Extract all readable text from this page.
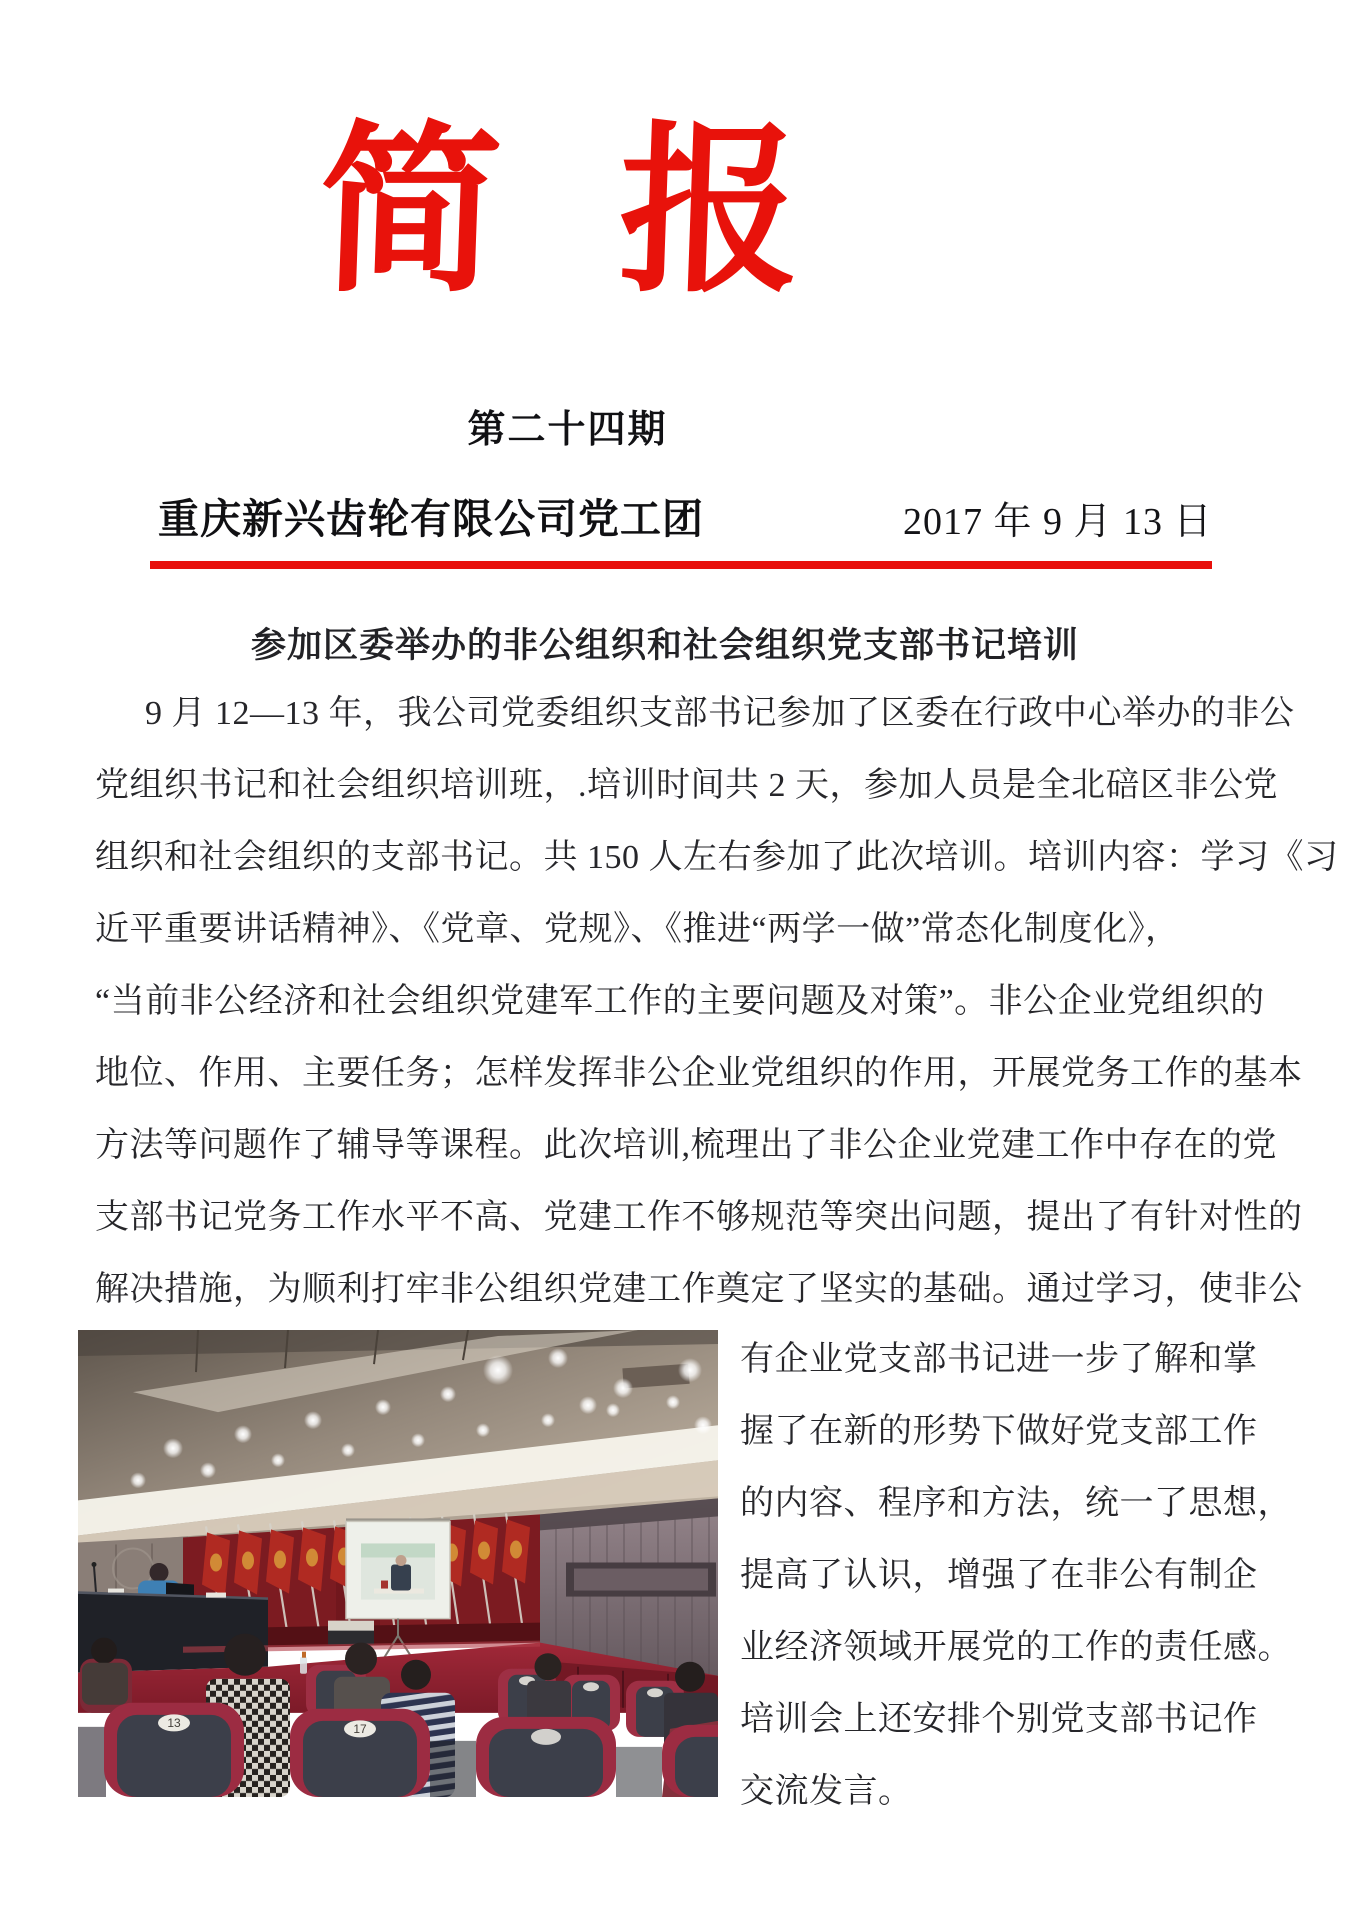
简 报
第二十四期
重庆新兴齿轮有限公司党工团	2017 年 9 月 13 日
参加区委举办的非公组织和社会组织党支部书记培训
9 月 12—13 年，我公司党委组织支部书记参加了区委在行政中心举办的非公
党组织书记和社会组织培训班，.培训时间共 2 天，参加人员是全北碚区非公党
组织和社会组织的支部书记。共 150 人左右参加了此次培训。培训内容：学习《习
近平重要讲话精神》、《党章、党规》、《推进“两学一做”常态化制度化》，
“当前非公经济和社会组织党建军工作的主要问题及对策”。非公企业党组织的
地位、作用、主要任务；怎样发挥非公企业党组织的作用，开展党务工作的基本
方法等问题作了辅导等课程。此次培训,梳理出了非公企业党建工作中存在的党
支部书记党务工作水平不高、党建工作不够规范等突出问题，提出了有针对性的
解决措施，为顺利打牢非公组织党建工作奠定了坚实的基础。通过学习，使非公
13	17
有企业党支部书记进一步了解和掌
握了在新的形势下做好党支部工作
的内容、程序和方法，统一了思想，
提高了认识，增强了在非公有制企
业经济领域开展党的工作的责任感。
培训会上还安排个别党支部书记作
交流发言。
